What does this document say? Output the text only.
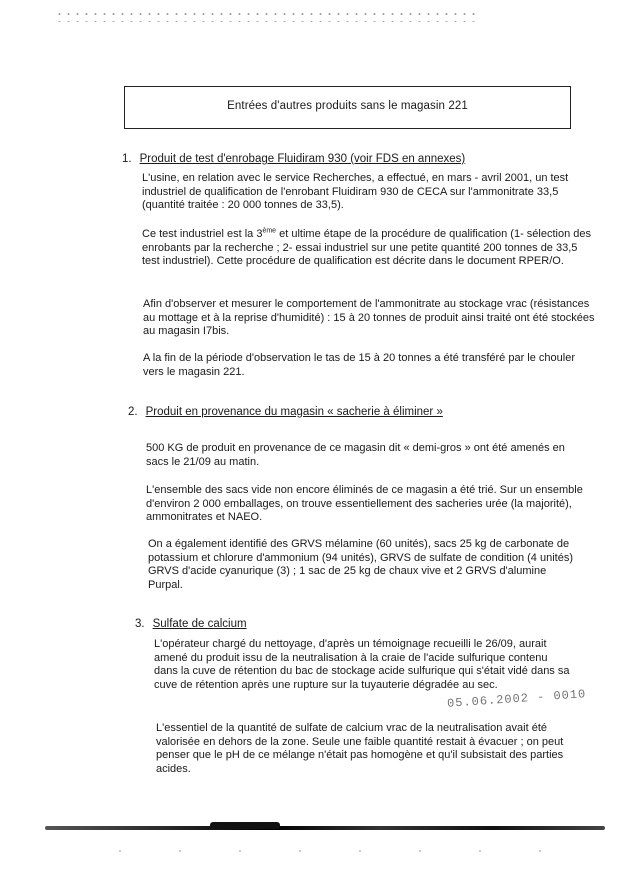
Entrées d'autres produits sans le magasin 221
1. Produit de test d'enrobage Fluidiram 930 (voir FDS en annexes)
L'usine, en relation avec le service Recherches, a effectué, en mars - avril 2001, un test industriel de qualification de l'enrobant Fluidiram 930 de CECA sur l'ammonitrate 33,5 (quantité traitée : 20 000 tonnes de 33,5).
Ce test industriel est la 3ème et ultime étape de la procédure de qualification (1- sélection des enrobants par la recherche ; 2- essai industriel sur une petite quantité 200 tonnes de 33,5 test industriel). Cette procédure de qualification est décrite dans le document RPER/O.
Afin d'observer et mesurer le comportement de l'ammonitrate au stockage vrac (résistances au mottage et à la reprise d'humidité) : 15 à 20 tonnes de produit ainsi traité ont été stockées au magasin I7bis.
A la fin de la période d'observation le tas de 15 à 20 tonnes a été transféré par le chouler vers le magasin 221.
2. Produit en provenance du magasin « sacherie à éliminer »
500 KG de produit en provenance de ce magasin dit « demi-gros » ont été amenés en sacs le 21/09 au matin.
L'ensemble des sacs vide non encore éliminés de ce magasin a été trié. Sur un ensemble d'environ 2 000 emballages, on trouve essentiellement des sacheries urée (la majorité), ammonitrates et NAEO.
On a également identifié des GRVS mélamine (60 unités), sacs 25 kg de carbonate de potassium et chlorure d'ammonium (94 unités), GRVS de sulfate de condition (4 unités) GRVS d'acide cyanurique (3) ; 1 sac de 25 kg de chaux vive et 2 GRVS d'alumine Purpal.
3. Sulfate de calcium
L'opérateur chargé du nettoyage, d'après un témoignage recueilli le 26/09, aurait amené du produit issu de la neutralisation à la craie de l'acide sulfurique contenu dans la cuve de rétention du bac de stockage acide sulfurique qui s'était vidé dans sa cuve de rétention après une rupture sur la tuyauterie dégradée au sec.
L'essentiel de la quantité de sulfate de calcium vrac de la neutralisation avait été valorisée en dehors de la zone. Seule une faible quantité restait à évacuer ; on peut penser que le pH de ce mélange n'était pas homogène et qu'il subsistait des parties acides.
05.06.2002 - 0010
